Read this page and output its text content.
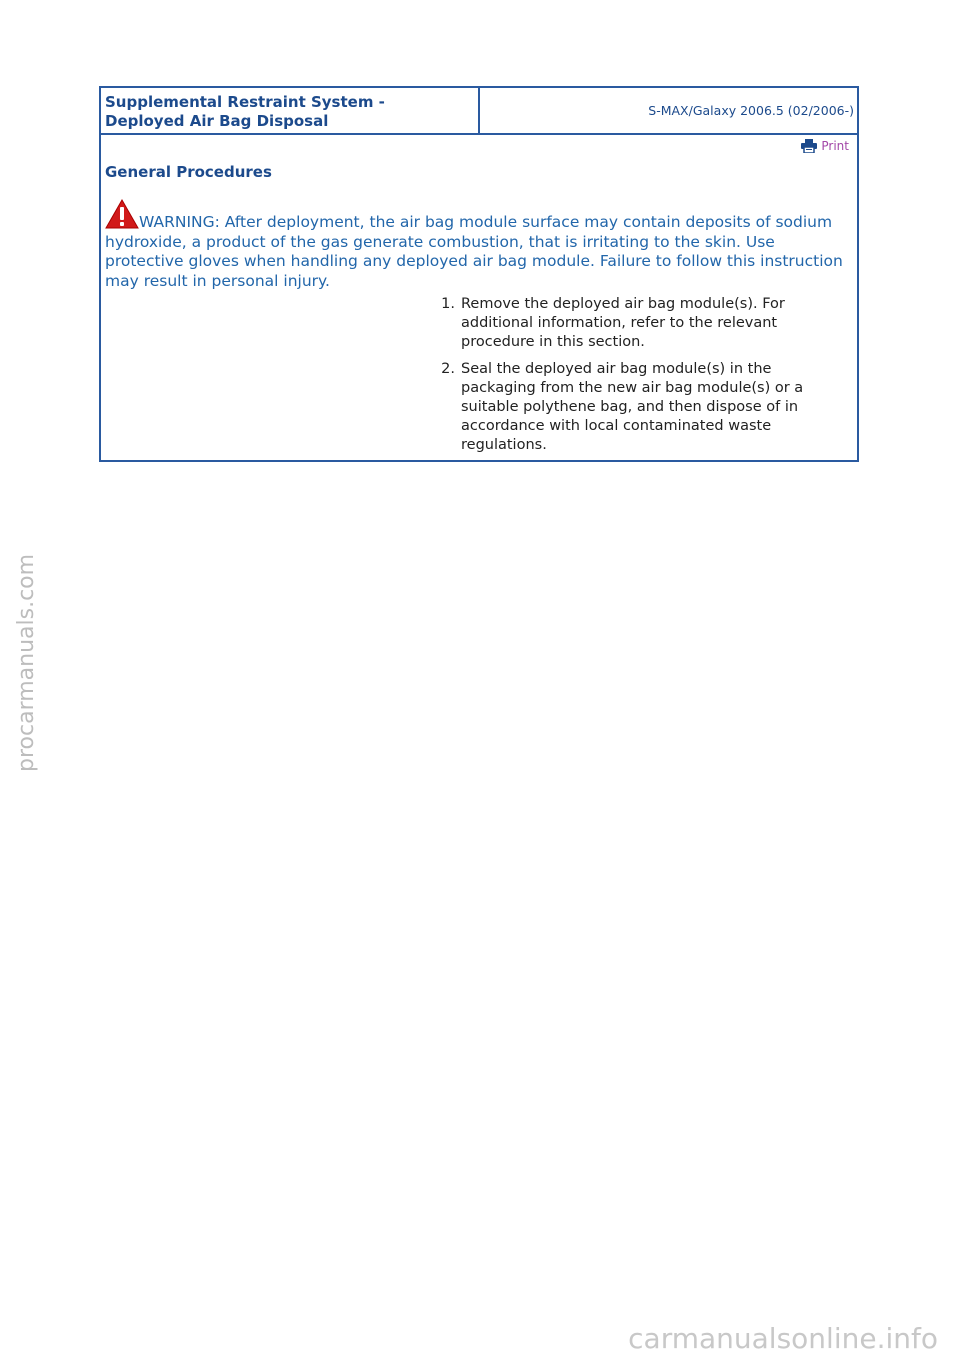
Supplemental Restraint System -
Deployed Air Bag Disposal
S-MAX/Galaxy 2006.5 (02/2006-)
Print
General Procedures
WARNING: After deployment, the air bag module surface may contain deposits of sodium hydroxide, a product of the gas generate combustion, that is irritating to the skin. Use protective gloves when handling any deployed air bag module. Failure to follow this instruction may result in personal injury.
1. Remove the deployed air bag module(s). For additional information, refer to the relevant procedure in this section.
2. Seal the deployed air bag module(s) in the packaging from the new air bag module(s) or a suitable polythene bag, and then dispose of in accordance with local contaminated waste regulations.
procarmanuals.com
carmanualsonline.info
